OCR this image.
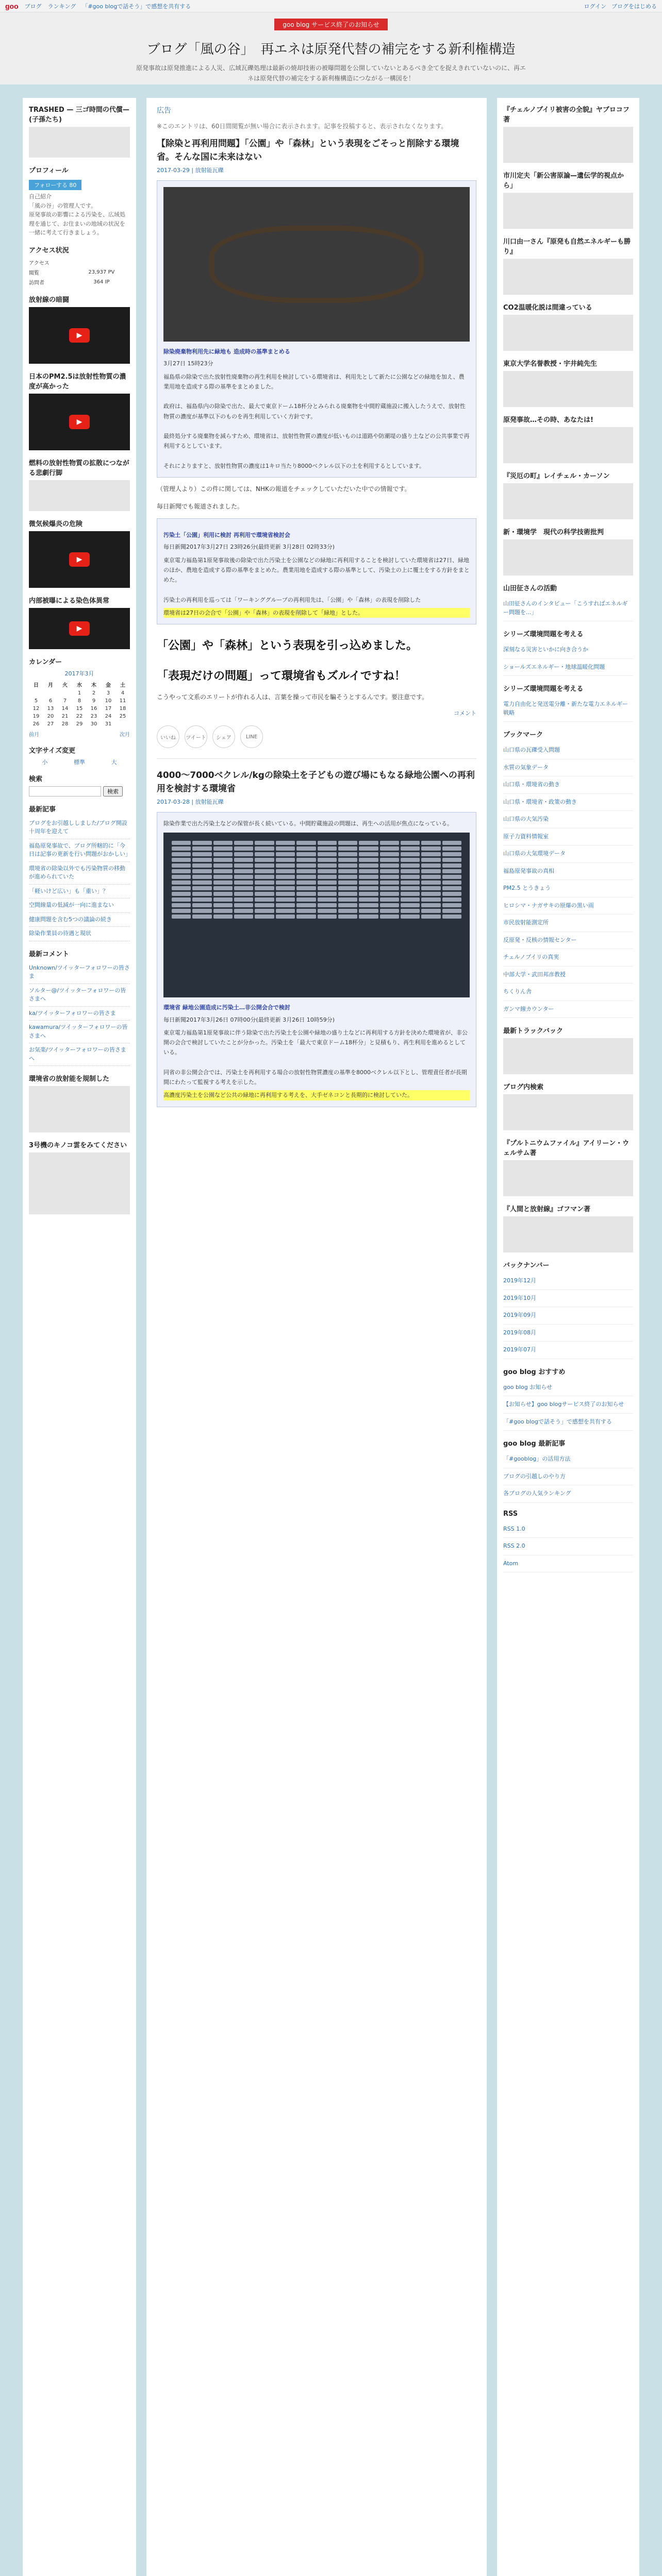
goo ブログ ランキング 「#goo blogで話そう」で感想を共有する	ログイン ブログをはじめる
goo blog サービス終了のお知らせ
ブログ「風の谷」　再エネは原発代替の補完をする新利権構造
原発事故は原発推進による人災、広域瓦礫処理は最新の焼却技術の被曝問題を公開していないとあるべき全てを捉えきれていないのに、再エネは原発代替の補完をする新利権構造につながる一構図を！
TRASHED — 三ゴ時間の代償—(子孫たち)
プロフィール
フォローする 80
自己紹介
「風の谷」の管理人です。
原発事故の影響による汚染を、広域処理を通じて、お住まいの地域の状況を一緒に考えて行きましょう。
アクセス状況
アクセス	
閲覧	23,937 PV
訪問者	364 IP
放射線の暗闘
▶
日本のPM2.5は放射性物質の濃度が高かった
▶
燃料の放射性物質の拡散につながる悲劇行脚
微気候爆炎の危険
▶
内部被曝による染色体異常
▶
カレンダー
2017年3月
日	月	火	水	木	金	土
			1	2	3	4
5	6	7	8	9	10	11
12	13	14	15	16	17	18
19	20	21	22	23	24	25
26	27	28	29	30	31	
前月	次月
文字サイズ変更
小	標準	大
検索
検索
最新記事
ブログをお引越ししました/ブログ開設十周年を迎えて
福島原発事故で、ブログ所轄的に「今日は記事の更新を行い問題がおかしい」
環境省の除染以外でも汚染物質の移動が進められていた
「軽いけど広い」も「重い」？
空間線量の低減が一向に進まない
健康問題を含む5つの議論の続き
除染作業員の待遇と現状
最新コメント
Unknown/ツイッターフォロワーの皆さま
ソルター@/ツイッターフォロワーの皆さまへ
ka/ツイッターフォロワーの皆さま
kawamura/ツイッターフォロワーの皆さまへ
お気楽/ツイッターフォロワーの皆さまへ
環境省の放射能を規制した
3号機のキノコ雲をみてください
広告
※このエントリは、60日間閲覧が無い場合に表示されます。記事を投稿すると、表示されなくなります。
【除染と再利用問題】「公園」や「森林」という表現をごそっと削除する環境省。そんな国に未来はない
2017-03-29 | 放射能瓦礫
除染廃棄物利用先に緑地も 造成時の基準まとめる
3月27日 15時23分
福島県の除染で出た放射性廃棄物の再生利用を検討している環境省は、利用先として新たに公園などの緑地を加え、農業用地を造成する際の基準をまとめました。

政府は、福島県内の除染で出た、最大で東京ドーム18杯分とみられる廃棄物を中間貯蔵施設に搬入したうえで、放射性物質の濃度が基準以下のものを再生利用していく方針です。

最終処分する廃棄物を減らすため、環境省は、放射性物質の濃度が低いものは道路や防潮堤の盛り土などの公共事業で再利用するとしています。

それによりますと、放射性物質の濃度は1キロ当たり8000ベクレル以下の土を利用するとしています。
（管理人より）この件に関しては、NHKの報道をチェックしていただいた中での情報です。
毎日新聞でも報道されました。
汚染土「公園」利用に検討 再利用で環境省検討会
毎日新聞2017年3月27日 23時26分(最終更新 3月28日 02時33分)
東京電力福島第1原発事故後の除染で出た汚染土を公園などの緑地に再利用することを検討していた環境省は27日、緑地のほか、農地を造成する際の基準をまとめた。農業用地を造成する際の基準として、汚染土の上に覆土をする方針をまとめた。

汚染土の再利用を巡っては「ワーキンググループの再利用先は、「公園」や「森林」の表現を削除した
環境省は27日の会合で「公園」や「森林」の表現を削除して「緑地」とした。
「公園」や「森林」という表現を引っ込めました。
「表現だけの問題」って環境省もズルイですね！
こうやって文系のエリートが作れる人は、言葉を操って市民を騙そうとするんです。要注意です。
コメント
いいね	ツイート	シェア	LINE
4000〜7000ベクレル/kgの除染土を子どもの遊び場にもなる緑地公園への再利用を検討する環境省
2017-03-28 | 放射能瓦礫
除染作業で出た汚染土などの保管が長く続いている。中間貯蔵施設の問題は、再生への活用が焦点になっている。
環境省 緑地公園造成に汚染土…非公開会合で検討
毎日新聞2017年3月26日 07時00分(最終更新 3月26日 10時59分)
東京電力福島第1原発事故に伴う除染で出た汚染土を公園や緑地の盛り土などに再利用する方針を決めた環境省が、非公開の会合で検討していたことが分かった。汚染土を「最大で東京ドーム18杯分」と見積もり、再生利用を進めるとしている。

同省の非公開会合では、汚染土を再利用する場合の放射性物質濃度の基準を8000ベクレル以下とし、管理責任者が長期間にわたって監視する考えを示した。
高濃度汚染土を公園など公共の緑地に再利用する考えを、大手ゼネコンと長期的に検討していた。
『チェルノブイリ被害の全貌』ヤブロコフ著
市川定夫「新公害原論—遺伝学的視点から」
川口由一さん『原発も自然エネルギーも勝り』
CO2温暖化説は間違っている
東京大学名誉教授・宇井純先生
原発事故…その時、あなたは!
『災厄の町』レイチェル・カーソン
新・環境学　現代の科学技術批判
山田征さんの活動
山田征さんのインタビュー「こうすればエネルギー問題を...」
シリーズ環境問題を考える
深刻なる災害といかに向き合うか
ショールズエネルギー・地球温暖化問題
シリーズ環境問題を考える
電力自由化と発送電分離・新たな電力エネルギー戦略
ブックマーク
山口県の瓦礫受入問題
水質の気象データ
山口県・環境省の動き
山口県・環境省・政策の動き
山口県の大気汚染
原子力資料情報室
山口県の大気環境データ
福島原発事故の真相
PM2.5 とうきょう
ヒロシマ・ナガサキの原爆の黒い雨
市民放射能測定所
反原発・反核の情報センター
チェルノブイリの真実
中部大学・武田邦彦教授
ちくりん舎
ガンマ線カウンター
最新トラックバック
ブログ内検索
『プルトニウムファイル』アイリーン・ウェルサム著
『人間と放射線』ゴフマン著
バックナンバー
2019年12月
2019年10月
2019年09月
2019年08月
2019年07月
goo blog おすすめ
goo blog お知らせ
【お知らせ】goo blogサービス終了のお知らせ
「#goo blogで話そう」で感想を共有する
goo blog 最新記事
「#gooblog」の活用方法
ブログの引越しのやり方
各ブログの人気ランキング
RSS
RSS 1.0
RSS 2.0
Atom
